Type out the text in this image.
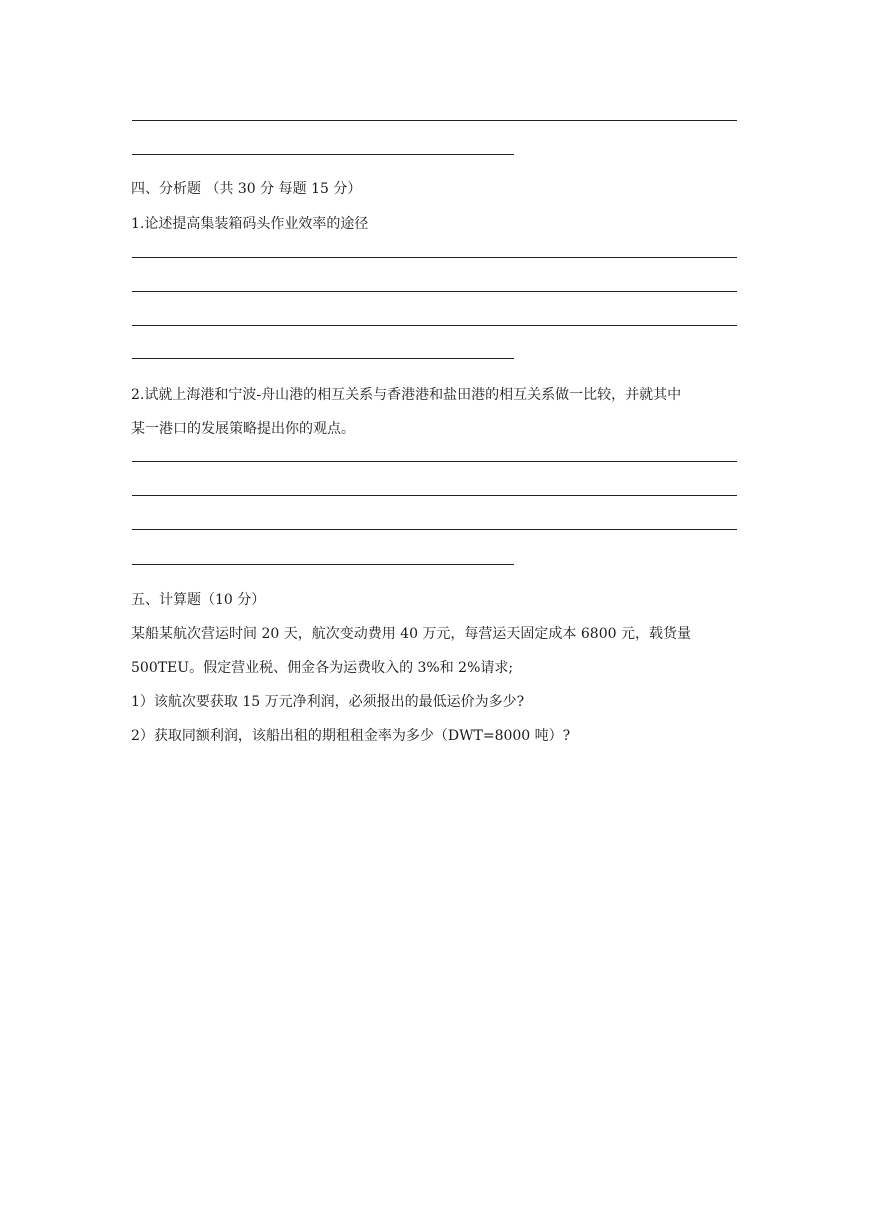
四、分析题 （共 30 分 每题 15 分）
1.论述提高集装箱码头作业效率的途径
2.试就上海港和宁波-舟山港的相互关系与香港港和盐田港的相互关系做一比较，并就其中
某一港口的发展策略提出你的观点。
五、计算题（10 分）
某船某航次营运时间 20 天，航次变动费用 40 万元，每营运天固定成本 6800 元，载货量
500TEU。假定营业税、佣金各为运费收入的 3%和 2%请求;
1）该航次要获取 15 万元净利润，必须报出的最低运价为多少?
2）获取同额利润，该船出租的期租租金率为多少（DWT=8000 吨）?
